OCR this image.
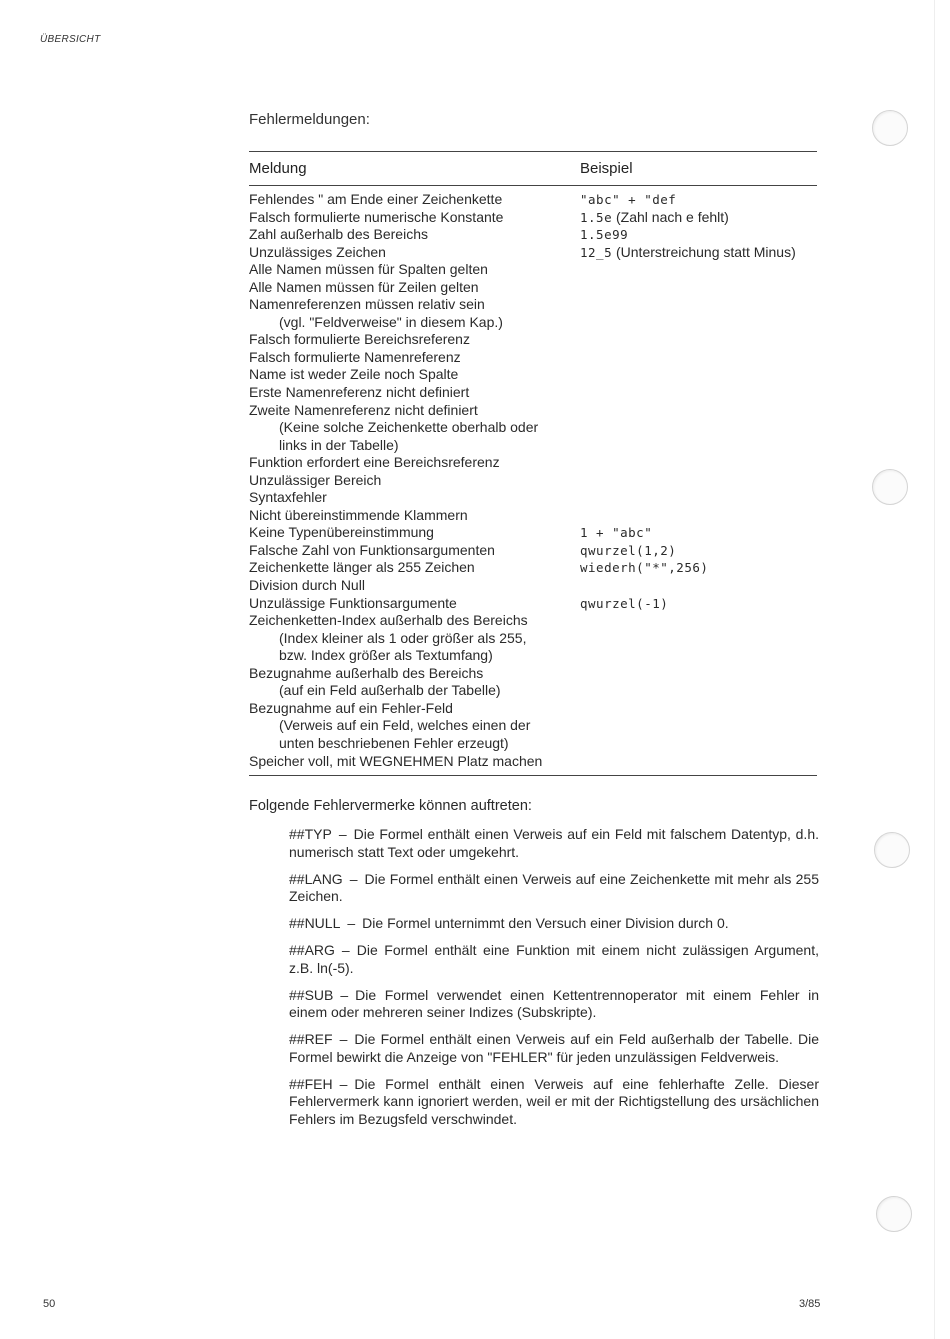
ÜBERSICHT
Fehlermeldungen:
Meldung	Beispiel
Fehlendes " am Ende einer Zeichenkette	"abc" + "def
Falsch formulierte numerische Konstante	1.5e (Zahl nach e fehlt)
Zahl außerhalb des Bereichs	1.5e99
Unzulässiges Zeichen	12_5 (Unterstreichung statt Minus)
Alle Namen müssen für Spalten gelten
Alle Namen müssen für Zeilen gelten
Namenreferenzen müssen relativ sein
(vgl. "Feldverweise" in diesem Kap.)
Falsch formulierte Bereichsreferenz
Falsch formulierte Namenreferenz
Name ist weder Zeile noch Spalte
Erste Namenreferenz nicht definiert
Zweite Namenreferenz nicht definiert
(Keine solche Zeichenkette oberhalb oder
links in der Tabelle)
Funktion erfordert eine Bereichsreferenz
Unzulässiger Bereich
Syntaxfehler
Nicht übereinstimmende Klammern
Keine Typenübereinstimmung	1 + "abc"
Falsche Zahl von Funktionsargumenten	qwurzel(1,2)
Zeichenkette länger als 255 Zeichen	wiederh("*",256)
Division durch Null
Unzulässige Funktionsargumente	qwurzel(-1)
Zeichenketten-Index außerhalb des Bereichs
(Index kleiner als 1 oder größer als 255,
bzw. Index größer als Textumfang)
Bezugnahme außerhalb des Bereichs
(auf ein Feld außerhalb der Tabelle)
Bezugnahme auf ein Fehler-Feld
(Verweis auf ein Feld, welches einen der
unten beschriebenen Fehler erzeugt)
Speicher voll, mit WEGNEHMEN Platz machen
Folgende Fehlervermerke können auftreten:

##TYP – Die Formel enthält einen Verweis auf ein Feld mit falschem Datentyp, d.h. numerisch statt Text oder umgekehrt.

##LANG – Die Formel enthält einen Verweis auf eine Zeichenkette mit mehr als 255 Zeichen.

##NULL – Die Formel unternimmt den Versuch einer Division durch 0.

##ARG – Die Formel enthält eine Funktion mit einem nicht zulässigen Argument, z.B. ln(-5).

##SUB – Die Formel verwendet einen Kettentrennoperator mit einem Fehler in einem oder mehreren seiner Indizes (Subskripte).

##REF – Die Formel enthält einen Verweis auf ein Feld außerhalb der Tabelle. Die Formel bewirkt die Anzeige von "FEHLER" für jeden unzulässigen Feldverweis.

##FEH – Die Formel enthält einen Verweis auf eine fehlerhafte Zelle. Dieser Fehlervermerk kann ignoriert werden, weil er mit der Richtigstellung des ursächlichen Fehlers im Bezugsfeld verschwindet.

50	3/85
